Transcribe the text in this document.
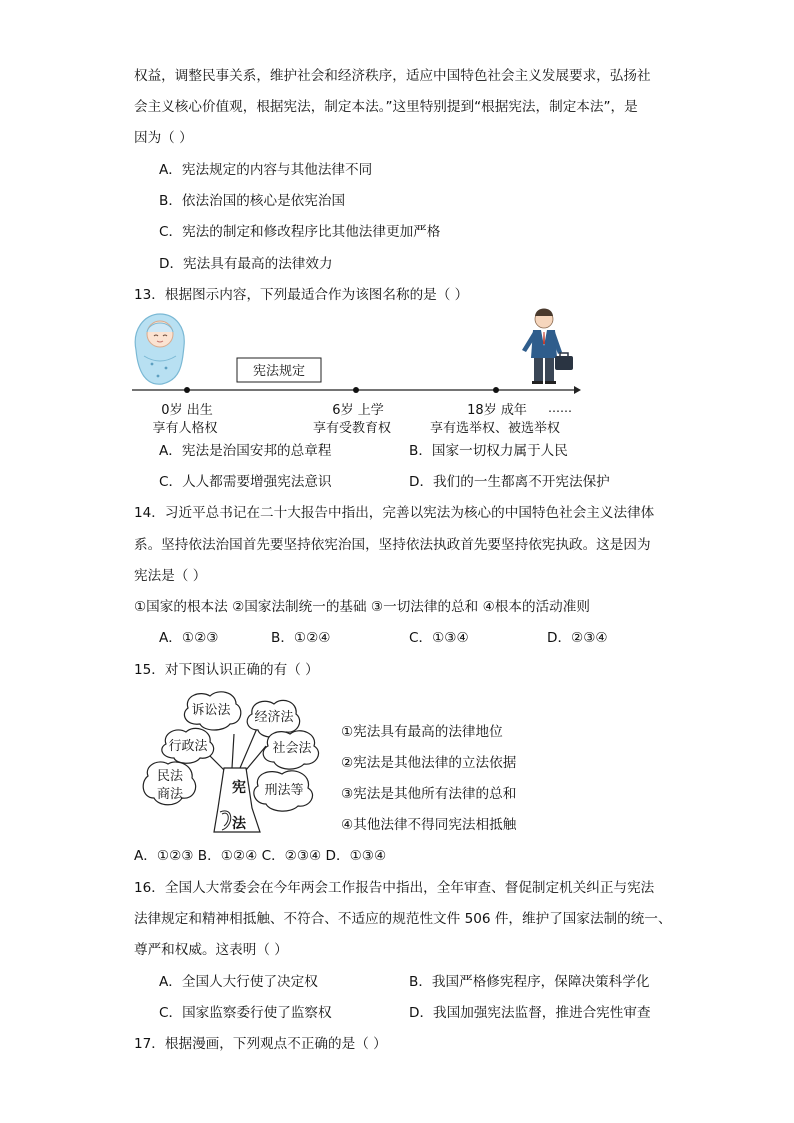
权益，调整民事关系，维护社会和经济秩序，适应中国特色社会主义发展要求，弘扬社
会主义核心价值观，根据宪法，制定本法。”这里特别提到“根据宪法，制定本法”，是
因为（ ）
A．宪法规定的内容与其他法律不同
B．依法治国的核心是依宪治国
C．宪法的制定和修改程序比其他法律更加严格
D．宪法具有最高的法律效力
13．根据图示内容，下列最适合作为该图名称的是（ ）
宪法规定
0岁 出生
享有人格权
6岁 上学
享有受教育权
18岁 成年
享有选举权、被选举权
……
A．宪法是治国安邦的总章程	B．国家一切权力属于人民
C．人人都需要增强宪法意识	D．我们的一生都离不开宪法保护
14．习近平总书记在二十大报告中指出，完善以宪法为核心的中国特色社会主义法律体
系。坚持依法治国首先要坚持依宪治国，坚持依法执政首先要坚持依宪执政。这是因为
宪法是（ ）
①国家的根本法 ②国家法制统一的基础 ③一切法律的总和 ④根本的活动准则
A．①②③	B．①②④	C．①③④	D．②③④
15．对下图认识正确的有（ ）
诉讼法 经济法
行政法	社会法
民法
商法	刑法等
宪
法
①宪法具有最高的法律地位
②宪法是其他法律的立法依据
③宪法是其他所有法律的总和
④其他法律不得同宪法相抵触
A．①②③ B．①②④ C．②③④ D．①③④
16．全国人大常委会在今年两会工作报告中指出，全年审查、督促制定机关纠正与宪法
法律规定和精神相抵触、不符合、不适应的规范性文件 506 件，维护了国家法制的统一、
尊严和权威。这表明（ ）
A．全国人大行使了决定权	B．我国严格修宪程序，保障决策科学化
C．国家监察委行使了监察权	D．我国加强宪法监督，推进合宪性审查
17．根据漫画，下列观点不正确的是（ ）
